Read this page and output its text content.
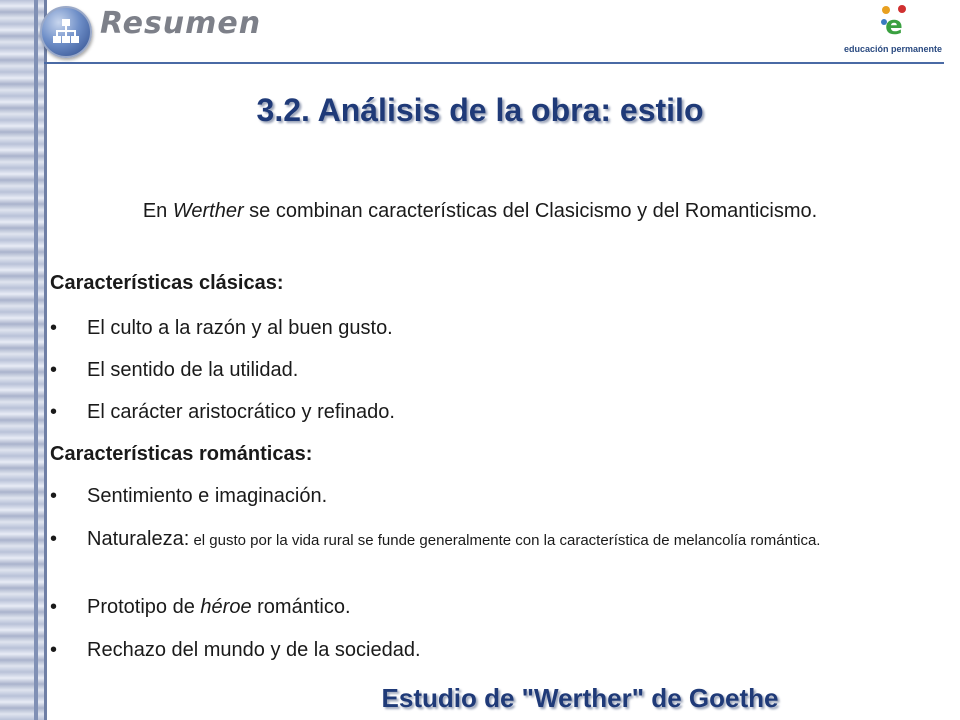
Resumen	e
educación permanente
3.2. Análisis de la obra: estilo
En Werther se combinan características del Clasicismo y del Romanticismo.
Características clásicas:
• El culto a la razón y al buen gusto.
• El sentido de la utilidad.
• El carácter aristocrático y refinado.
Características románticas:
• Sentimiento e imaginación.
• Naturaleza: el gusto por la vida rural se funde generalmente con la característica de melancolía romántica.
• Prototipo de héroe romántico.
• Rechazo del mundo y de la sociedad.
Estudio de "Werther" de Goethe
